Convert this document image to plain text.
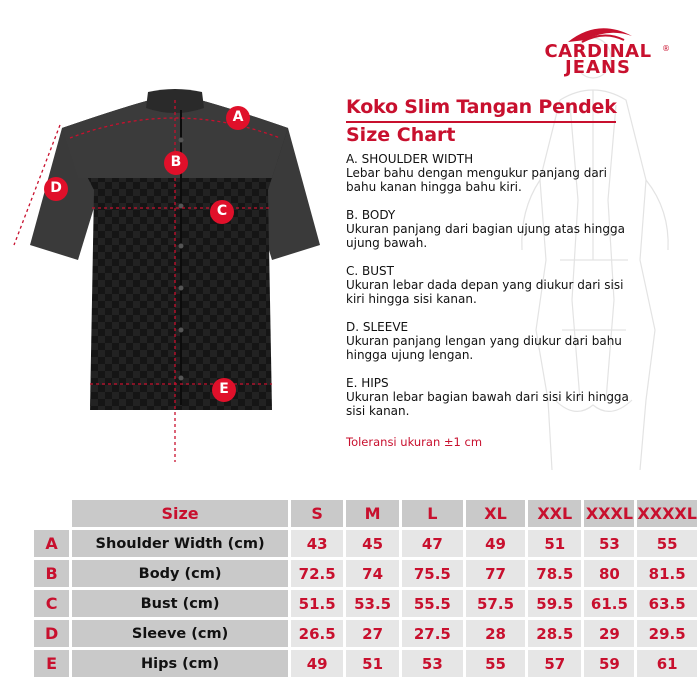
A
B
C
D
E
CARDINAL
JEANS
®
Koko Slim Tangan Pendek
Size Chart
A. SHOULDER WIDTH
Lebar bahu dengan mengukur panjang dari bahu kanan hingga bahu kiri.
B. BODY
Ukuran panjang dari bagian ujung atas hingga ujung bawah.
C. BUST
Ukuran lebar dada depan yang diukur dari sisi kiri hingga sisi kanan.
D. SLEEVE
Ukuran panjang lengan yang diukur dari bahu hingga ujung lengan.
E. HIPS
Ukuran lebar bagian bawah dari sisi kiri hingga sisi kanan.
Toleransi ukuran ±1 cm
	Size	S	M	L	XL	XXL	XXXL	XXXXL
A	Shoulder Width (cm)	43	45	47	49	51	53	55
B	Body (cm)	72.5	74	75.5	77	78.5	80	81.5
C	Bust (cm)	51.5	53.5	55.5	57.5	59.5	61.5	63.5
D	Sleeve (cm)	26.5	27	27.5	28	28.5	29	29.5
E	Hips (cm)	49	51	53	55	57	59	61
